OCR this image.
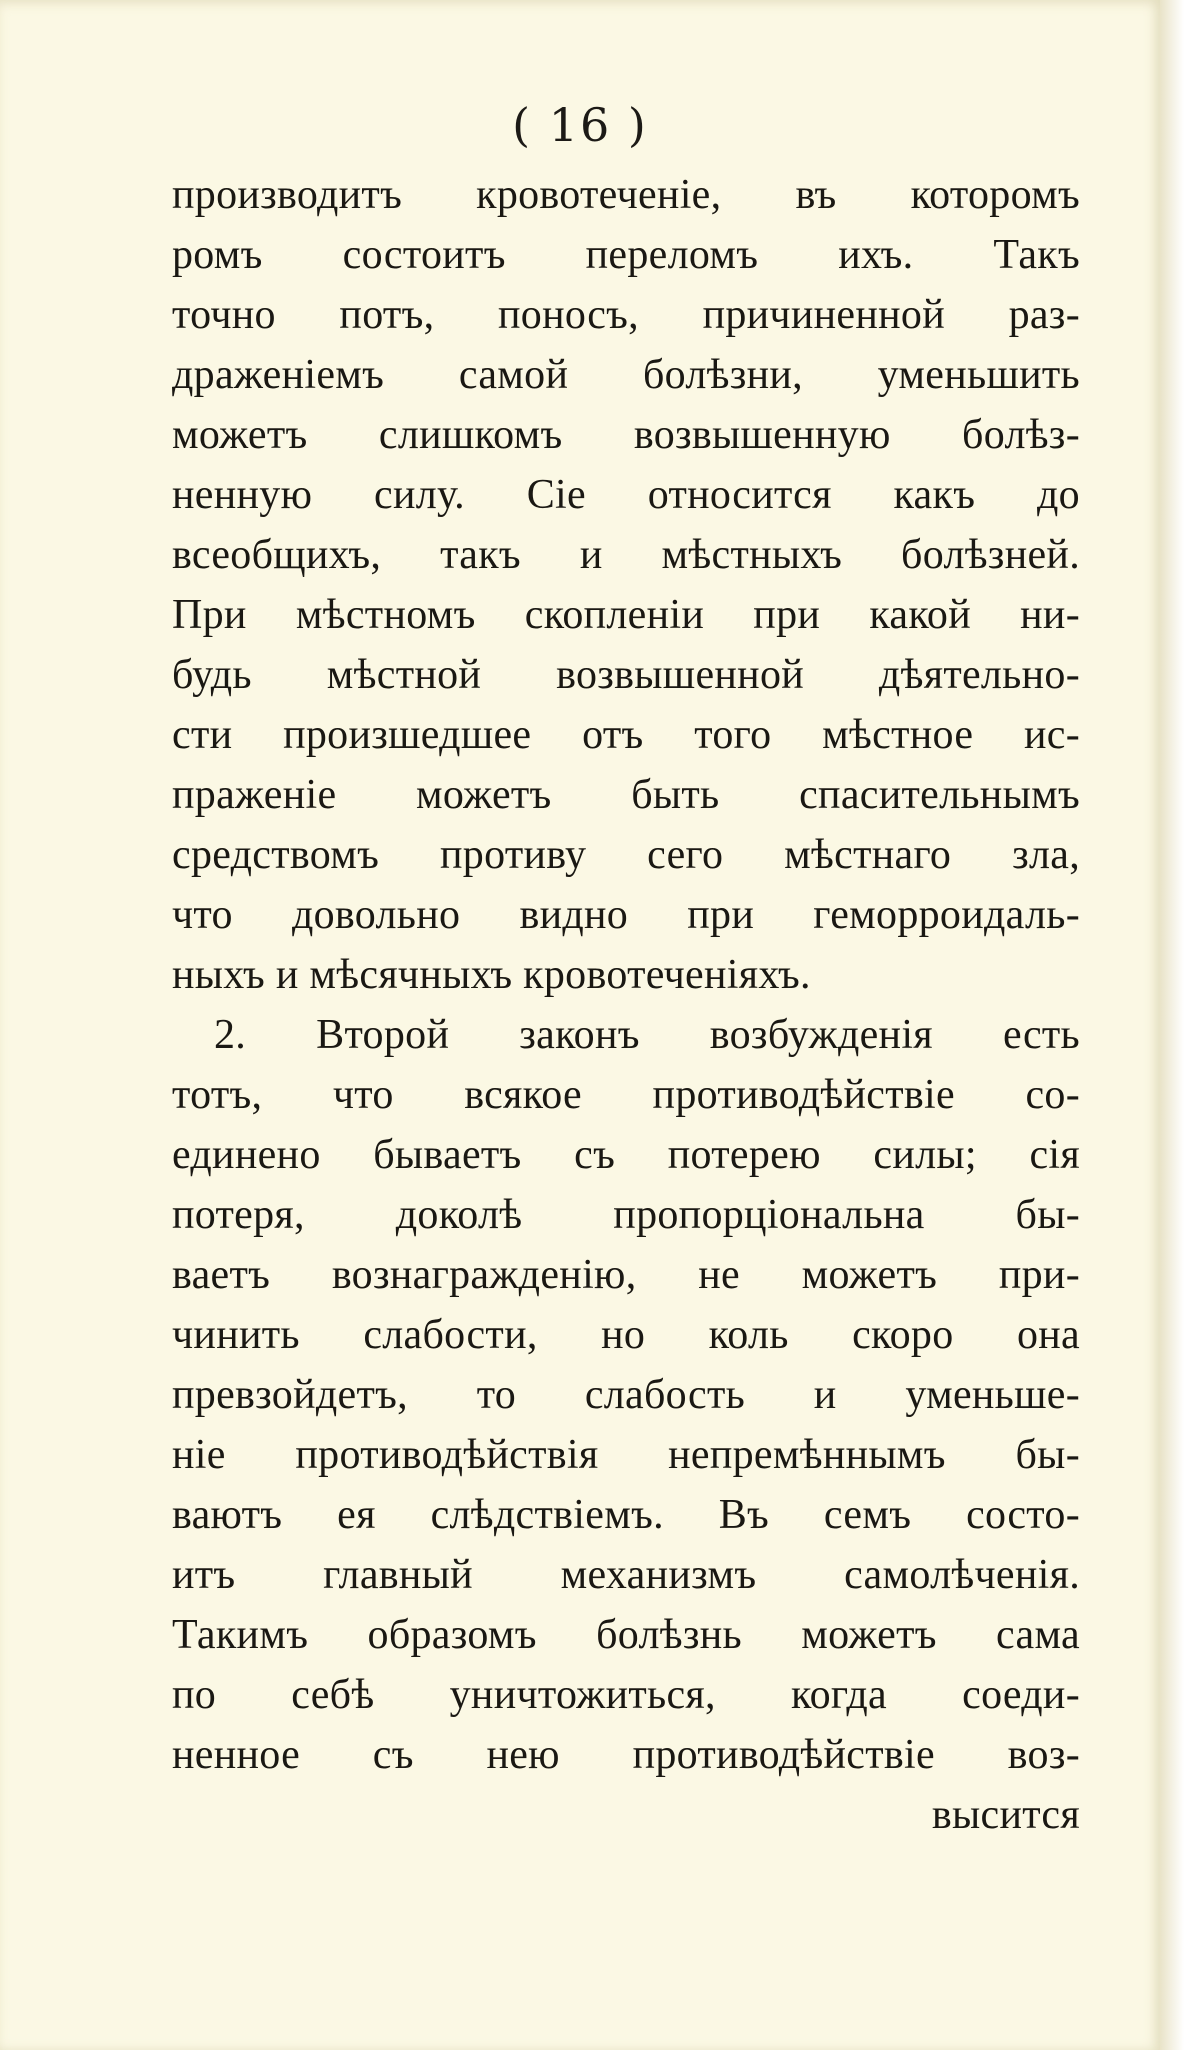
( 16 )
производитъ кровотеченіе, въ которомъ
ромъ состоитъ переломъ ихъ. Такъ
точно потъ, поносъ, причиненной раз-
драженіемъ самой болѣзни, уменьшить
можетъ слишкомъ возвышенную болѣз-
ненную силу. Сіе относится какъ до
всеобщихъ, такъ и мѣстныхъ болѣзней.
При мѣстномъ скопленіи при какой ни-
будь мѣстной возвышенной дѣятельно-
сти произшедшее отъ того мѣстное ис-
праженіе можетъ быть спасительнымъ
средствомъ противу сего мѣстнаго зла,
что довольно видно при геморроидаль-
ныхъ и мѣсячныхъ кровотеченіяхъ.
2. Второй законъ возбужденія есть
тотъ, что всякое противодѣйствіе со-
единено бываетъ съ потерею силы; сія
потеря, доколѣ пропорціональна бы-
ваетъ вознагражденію, не можетъ при-
чинить слабости, но коль скоро она
превзойдетъ, то слабость и уменьше-
ніе противодѣйствія непремѣннымъ бы-
ваютъ ея слѣдствіемъ. Въ семъ состо-
итъ главный механизмъ самолѣченія.
Такимъ образомъ болѣзнь можетъ сама
по себѣ уничтожиться, когда соеди-
ненное съ нею противодѣйствіе воз-
высится
